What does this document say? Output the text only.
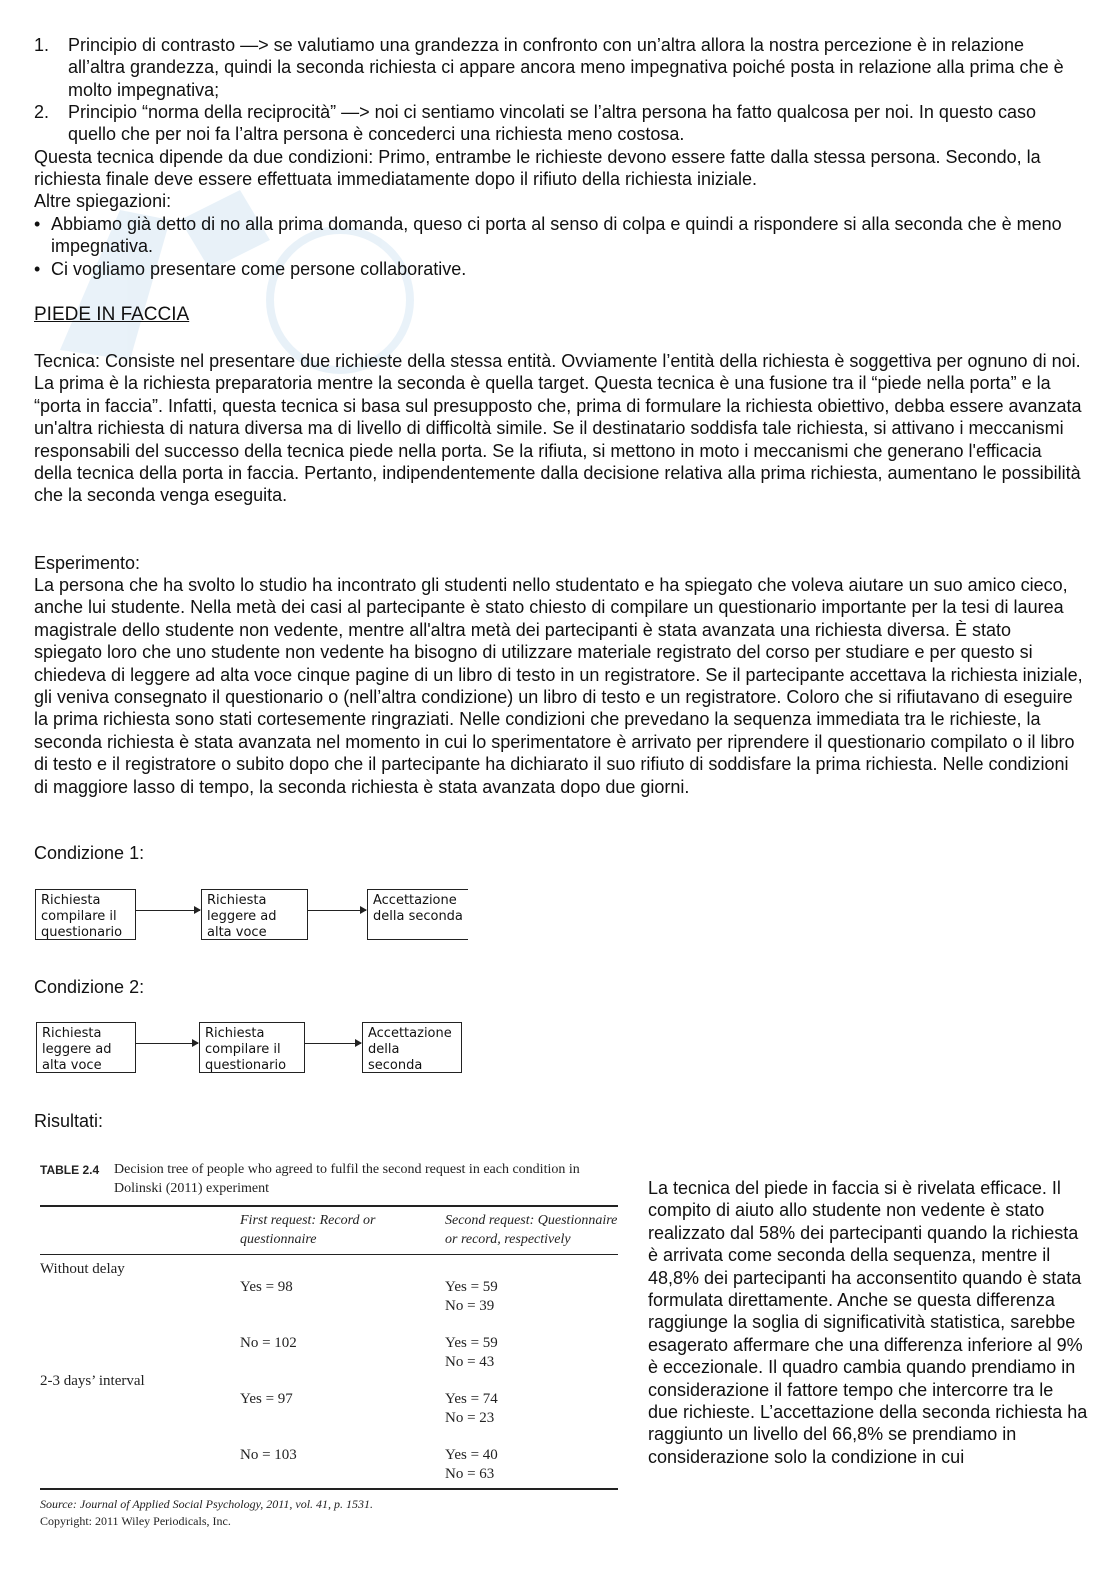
1. Principio di contrasto —> se valutiamo una grandezza in confronto con un’altra allora la nostra percezione è in relazione all’altra grandezza, quindi la seconda richiesta ci appare ancora meno impegnativa poiché posta in relazione alla prima che è molto impegnativa;
2. Principio “norma della reciprocità” —> noi ci sentiamo vincolati se l’altra persona ha fatto qualcosa per noi. In questo caso quello che per noi fa l’altra persona è concederci una richiesta meno costosa.
Questa tecnica dipende da due condizioni: Primo, entrambe le richieste devono essere fatte dalla stessa persona. Secondo, la richiesta finale deve essere effettuata immediatamente dopo il rifiuto della richiesta iniziale.
Altre spiegazioni:
• Abbiamo già detto di no alla prima domanda, queso ci porta al senso di colpa e quindi a rispondere si alla seconda che è meno impegnativa.
• Ci vogliamo presentare come persone collaborative.
PIEDE IN FACCIA
Tecnica: Consiste nel presentare due richieste della stessa entità. Ovviamente l’entità della richiesta è soggettiva per ognuno di noi. La prima è la richiesta preparatoria mentre la seconda è quella target. Questa tecnica è una fusione tra il “piede nella porta” e la “porta in faccia”. Infatti, questa tecnica si basa sul presupposto che, prima di formulare la richiesta obiettivo, debba essere avanzata un'altra richiesta di natura diversa ma di livello di difficoltà simile. Se il destinatario soddisfa tale richiesta, si attivano i meccanismi responsabili del successo della tecnica piede nella porta. Se la rifiuta, si mettono in moto i meccanismi che generano l'efficacia della tecnica della porta in faccia. Pertanto, indipendentemente dalla decisione relativa alla prima richiesta, aumentano le possibilità che la seconda venga eseguita.
Esperimento:
La persona che ha svolto lo studio ha incontrato gli studenti nello studentato e ha spiegato che voleva aiutare un suo amico cieco, anche lui studente. Nella metà dei casi al partecipante è stato chiesto di compilare un questionario importante per la tesi di laurea magistrale dello studente non vedente, mentre all'altra metà dei partecipanti è stata avanzata una richiesta diversa. È stato spiegato loro che uno studente non vedente ha bisogno di utilizzare materiale registrato del corso per studiare e per questo si chiedeva di leggere ad alta voce cinque pagine di un libro di testo in un registratore. Se il partecipante accettava la richiesta iniziale, gli veniva consegnato il questionario o (nell’altra condizione) un libro di testo e un registratore. Coloro che si rifiutavano di eseguire la prima richiesta sono stati cortesemente ringraziati. Nelle condizioni che prevedano la sequenza immediata tra le richieste, la seconda richiesta è stata avanzata nel momento in cui lo sperimentatore è arrivato per riprendere il questionario compilato o il libro di testo e il registratore o subito dopo che il partecipante ha dichiarato il suo rifiuto di soddisfare la prima richiesta. Nelle condizioni di maggiore lasso di tempo, la seconda richiesta è stata avanzata dopo due giorni.
Condizione 1:
Richiesta compilare il questionario
Richiesta leggere ad alta voce
Accettazione della seconda
Condizione 2:
Richiesta leggere ad alta voce
Richiesta compilare il questionario
Accettazione della seconda
Risultati:
TABLE 2.4 Decision tree of people who agreed to fulfil the second request in each condition in Dolinski (2011) experiment
First request: Record or questionnaire
Second request: Questionnaire or record, respectively
Without delay
Yes = 98	Yes = 59
No = 39
No = 102	Yes = 59
No = 43
2-3 days’ interval
Yes = 97	Yes = 74
No = 23
No = 103	Yes = 40
No = 63
Source: Journal of Applied Social Psychology, 2011, vol. 41, p. 1531.
Copyright: 2011 Wiley Periodicals, Inc.
La tecnica del piede in faccia si è rivelata efficace. Il compito di aiuto allo studente non vedente è stato realizzato dal 58% dei partecipanti quando la richiesta è arrivata come seconda della sequenza, mentre il 48,8% dei partecipanti ha acconsentito quando è stata formulata direttamente. Anche se questa differenza raggiunge la soglia di significatività statistica, sarebbe esagerato affermare che una differenza inferiore al 9% è eccezionale. Il quadro cambia quando prendiamo in considerazione il fattore tempo che intercorre tra le due richieste. L’accettazione della seconda richiesta ha raggiunto un livello del 66,8% se prendiamo in considerazione solo la condizione in cui
